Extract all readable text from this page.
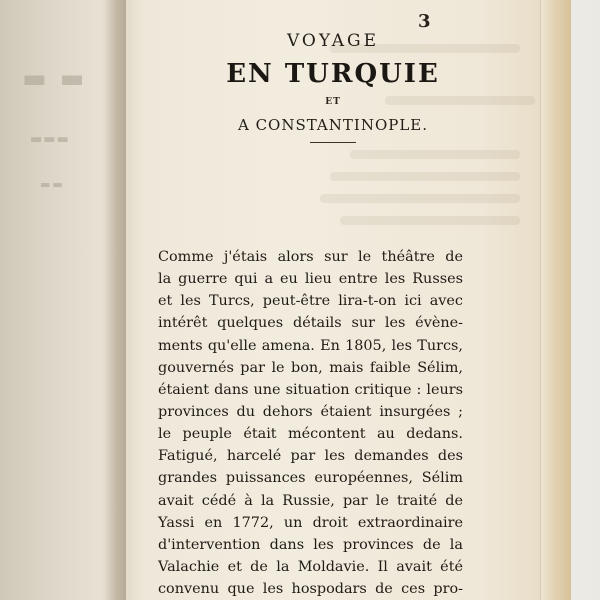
▬ ▬
▬▬▬
▬▬
3
VOYAGE
EN TURQUIE
ET
A CONSTANTINOPLE.
Comme j'étais alors sur le théâtre de
la guerre qui a eu lieu entre les Russes
et les Turcs, peut-être lira-t-on ici avec
intérêt quelques détails sur les évène-
ments qu'elle amena. En 1805, les Turcs,
gouvernés par le bon, mais faible Sélim,
étaient dans une situation critique : leurs
provinces du dehors étaient insurgées ;
le peuple était mécontent au dedans.
Fatigué, harcelé par les demandes des
grandes puissances européennes, Sélim
avait cédé à la Russie, par le traité de
Yassi en 1772, un droit extraordinaire
d'intervention dans les provinces de la
Valachie et de la Moldavie. Il avait été
convenu que les hospodars de ces pro-
